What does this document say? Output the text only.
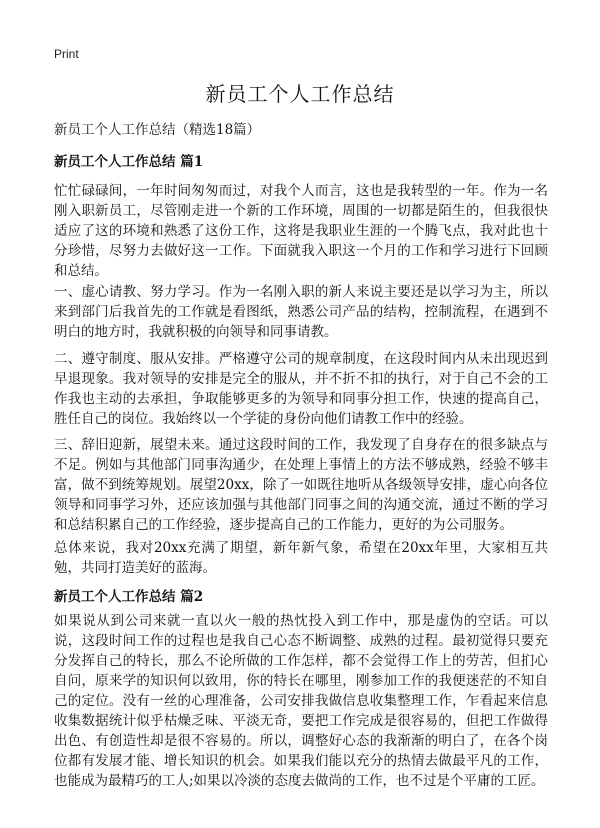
Print
新员工个人工作总结
新员工个人工作总结（精选18篇）
新员工个人工作总结 篇1

忙忙碌碌间，一年时间匆匆而过，对我个人而言，这也是我转型的一年。作为一名刚入职新员工，尽管刚走进一个新的工作环境，周围的一切都是陌生的，但我很快适应了这的环境和熟悉了这份工作，这将是我职业生涯的一个腾飞点，我对此也十分珍惜，尽努力去做好这一工作。下面就我入职这一个月的工作和学习进行下回顾和总结。

一、虚心请教、努力学习。作为一名刚入职的新人来说主要还是以学习为主，所以来到部门后我首先的工作就是看图纸，熟悉公司产品的结构，控制流程，在遇到不明白的地方时，我就积极的向领导和同事请教。

二、遵守制度、服从安排。严格遵守公司的规章制度，在这段时间内从未出现迟到早退现象。我对领导的安排是完全的服从，并不折不扣的执行，对于自己不会的工作我也主动的去承担，争取能够更多的为领导和同事分担工作，快速的提高自己，胜任自己的岗位。我始终以一个学徒的身份向他们请教工作中的经验。

三、辞旧迎新，展望未来。通过这段时间的工作，我发现了自身存在的很多缺点与不足。例如与其他部门同事沟通少，在处理上事情上的方法不够成熟，经验不够丰富，做不到统筹规划。展望20xx，除了一如既往地听从各级领导安排，虚心向各位领导和同事学习外，还应该加强与其他部门同事之间的沟通交流，通过不断的学习和总结积累自己的工作经验，逐步提高自己的工作能力，更好的为公司服务。

总体来说，我对20xx充满了期望，新年新气象，希望在20xx年里，大家相互共勉，共同打造美好的蓝海。

新员工个人工作总结 篇2

如果说从到公司来就一直以火一般的热忱投入到工作中，那是虚伪的空话。可以说，这段时间工作的过程也是我自己心态不断调整、成熟的过程。最初觉得只要充分发挥自己的特长，那么不论所做的工作怎样，都不会觉得工作上的劳苦，但扪心自问，原来学的知识何以致用，你的特长在哪里，刚参加工作的我便迷茫的不知自己的定位。没有一丝的心理准备，公司安排我做信息收集整理工作，乍看起来信息收集数据统计似乎枯燥乏味、平淡无奇，要把工作完成是很容易的，但把工作做得出色、有创造性却是很不容易的。所以，调整好心态的我渐渐的明白了，在各个岗位都有发展才能、增长知识的机会。如果我们能以充分的热情去做最平凡的工作，也能成为最精巧的工人;如果以冷淡的态度去做尚的工作，也不过是个平庸的工匠。
